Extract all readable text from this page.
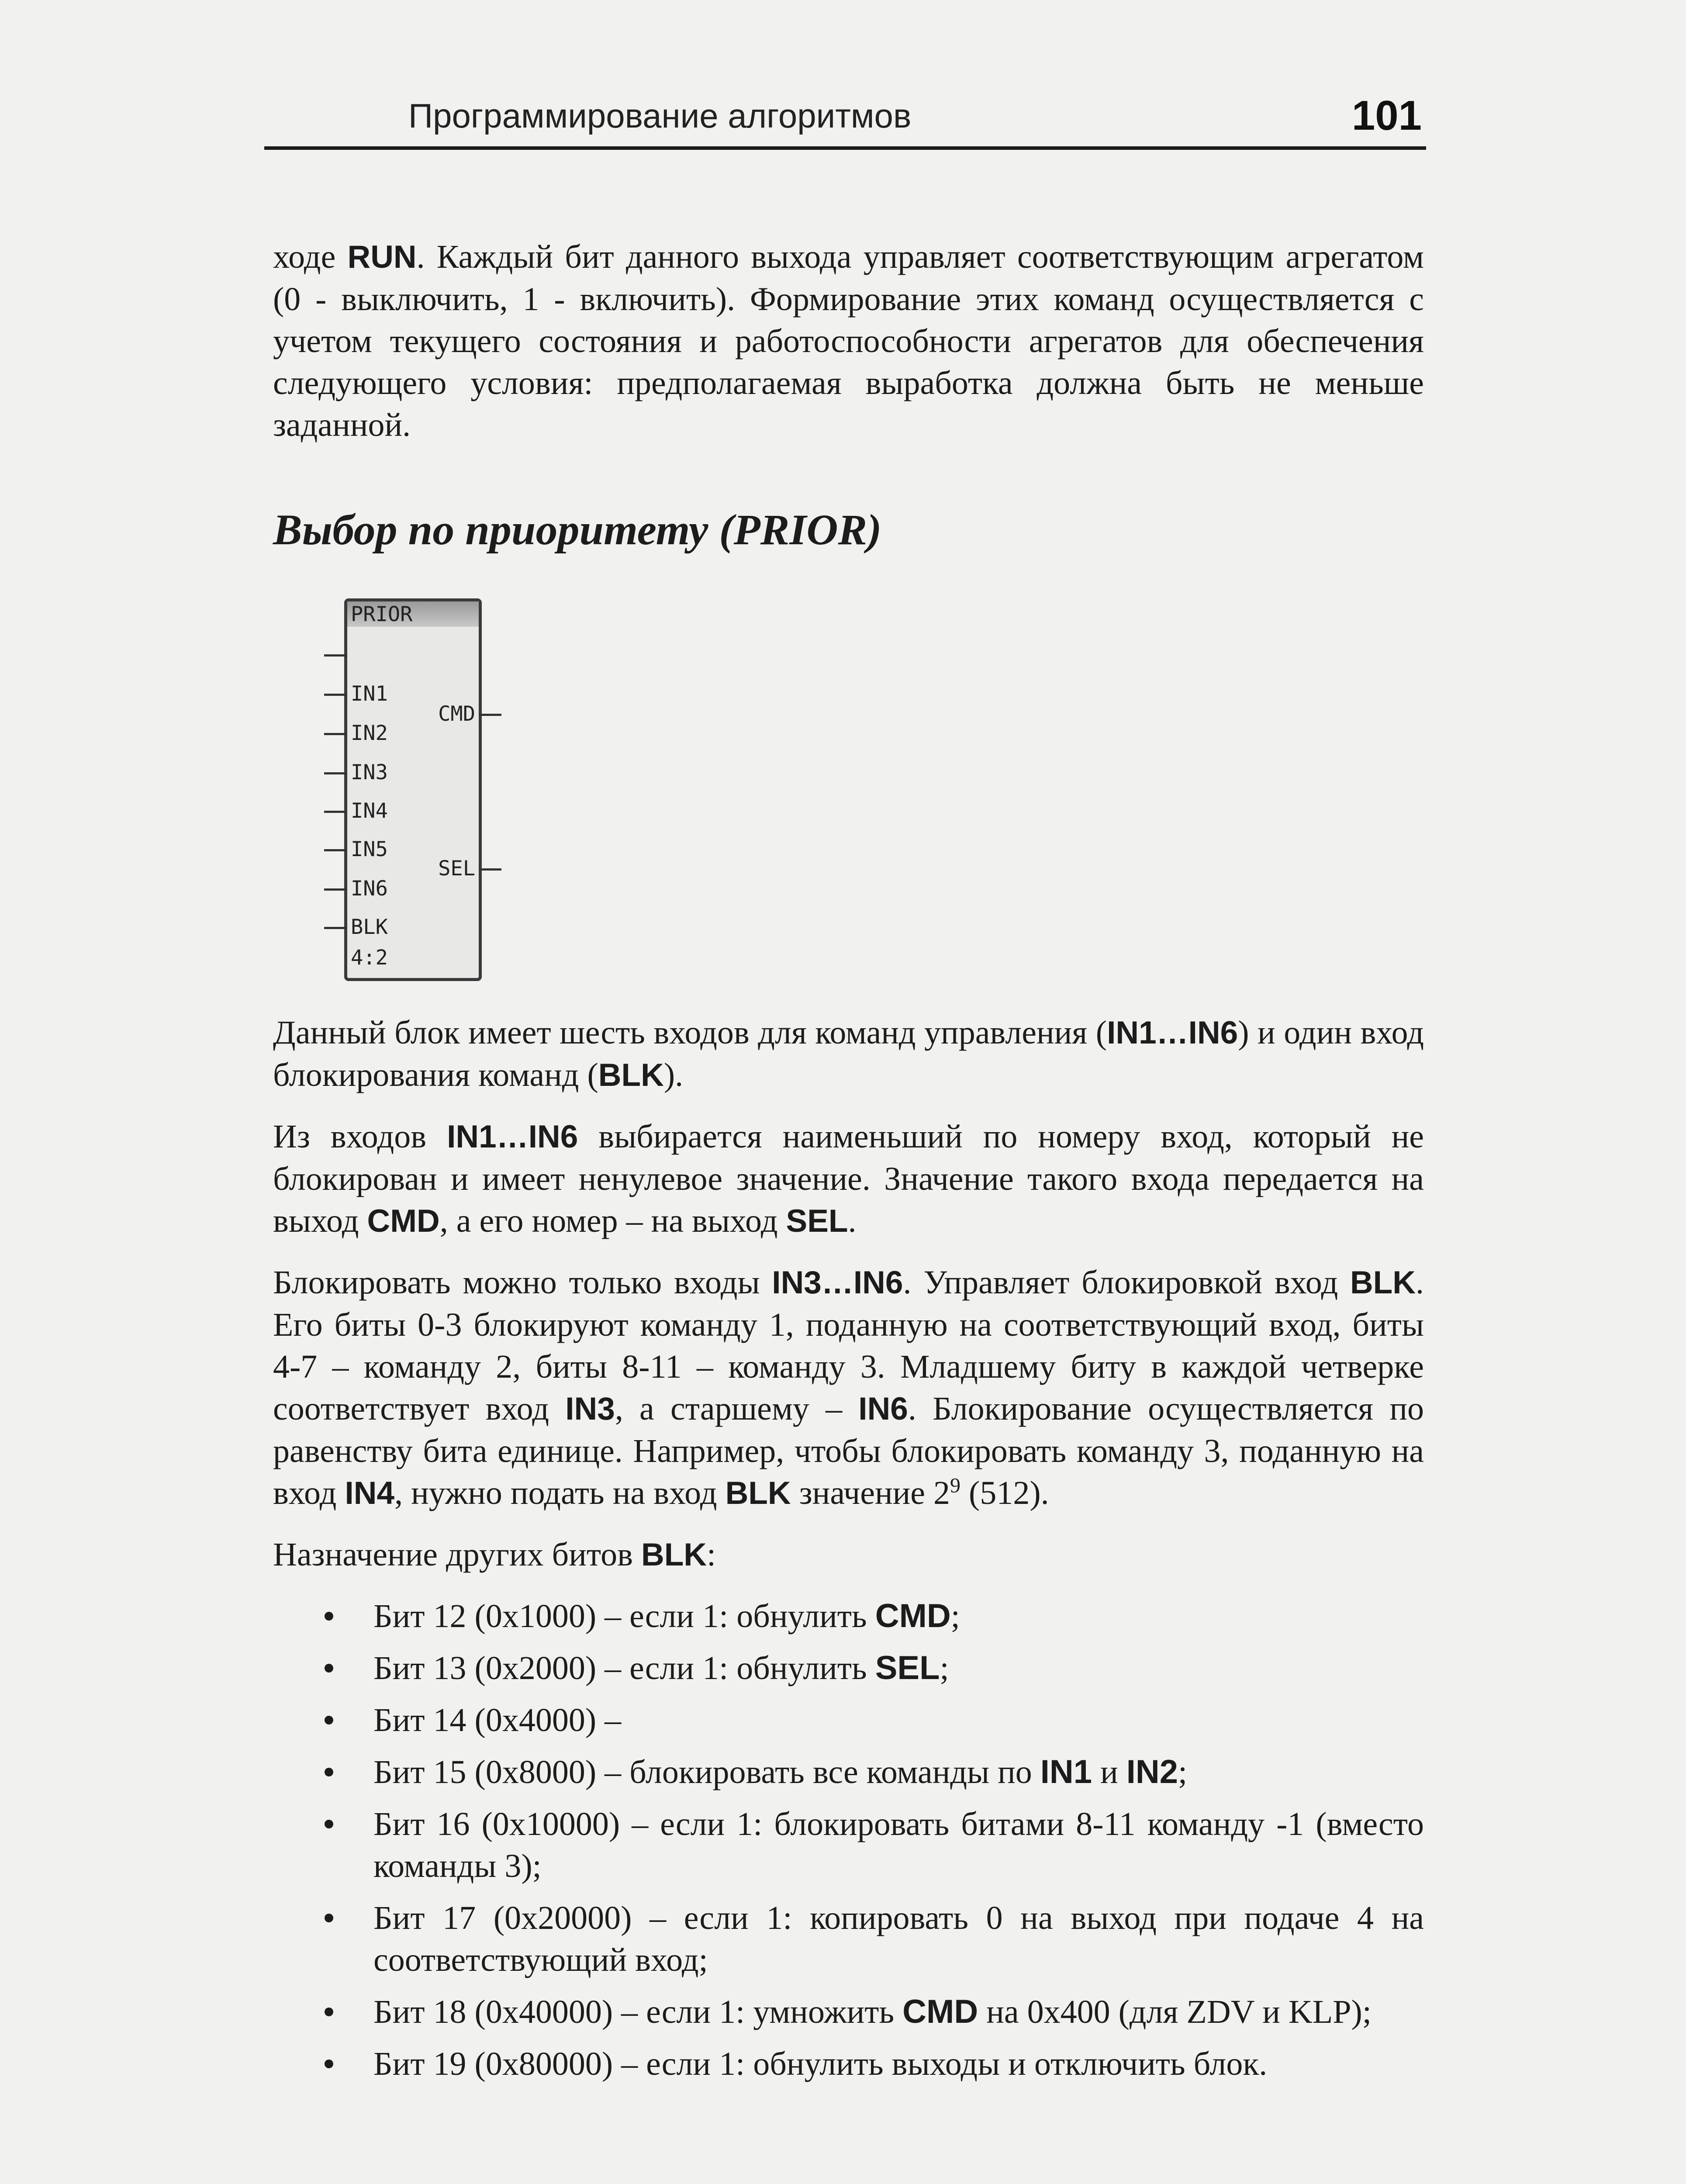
Программирование алгоритмов	101

ходе RUN. Каждый бит данного выхода управляет соответствующим агрегатом (0 - выключить, 1 - включить). Формирование этих команд осуществляется с учетом текущего состояния и работоспособности агрегатов для обеспечения следующего условия: предполагаемая выработка должна быть не меньше заданной.

Выбор по приоритету (PRIOR)
PRIOR
IN1
IN2
IN3
IN4
IN5
IN6
BLK
4:2
CMD
SEL

Данный блок имеет шесть входов для команд управления (IN1…IN6) и один вход блокирования команд (BLK).

Из входов IN1…IN6 выбирается наименьший по номеру вход, который не блокирован и имеет ненулевое значение. Значение такого входа передается на выход CMD, а его номер – на выход SEL.

Блокировать можно только входы IN3…IN6. Управляет блокировкой вход BLK. Его биты 0-3 блокируют команду 1, поданную на соответствующий вход, биты 4-7 – команду 2, биты 8-11 – команду 3. Младшему биту в каждой четверке соответствует вход IN3, а старшему – IN6. Блокирование осуществляется по равенству бита единице. Например, чтобы блокировать команду 3, поданную на вход IN4, нужно подать на вход BLK значение $2^9$ (512).

Назначение других битов BLK:

Бит 12 (0x1000) – если 1: обнулить CMD;
Бит 13 (0x2000) – если 1: обнулить SEL;
Бит 14 (0x4000) –
Бит 15 (0x8000) – блокировать все команды по IN1 и IN2;
Бит 16 (0x10000) – если 1: блокировать битами 8-11 команду -1 (вместо команды 3);
Бит 17 (0x20000) – если 1: копировать 0 на выход при подаче 4 на соответствующий вход;
Бит 18 (0x40000) – если 1: умножить CMD на 0x400 (для ZDV и KLP);
Бит 19 (0x80000) – если 1: обнулить выходы и отключить блок.
